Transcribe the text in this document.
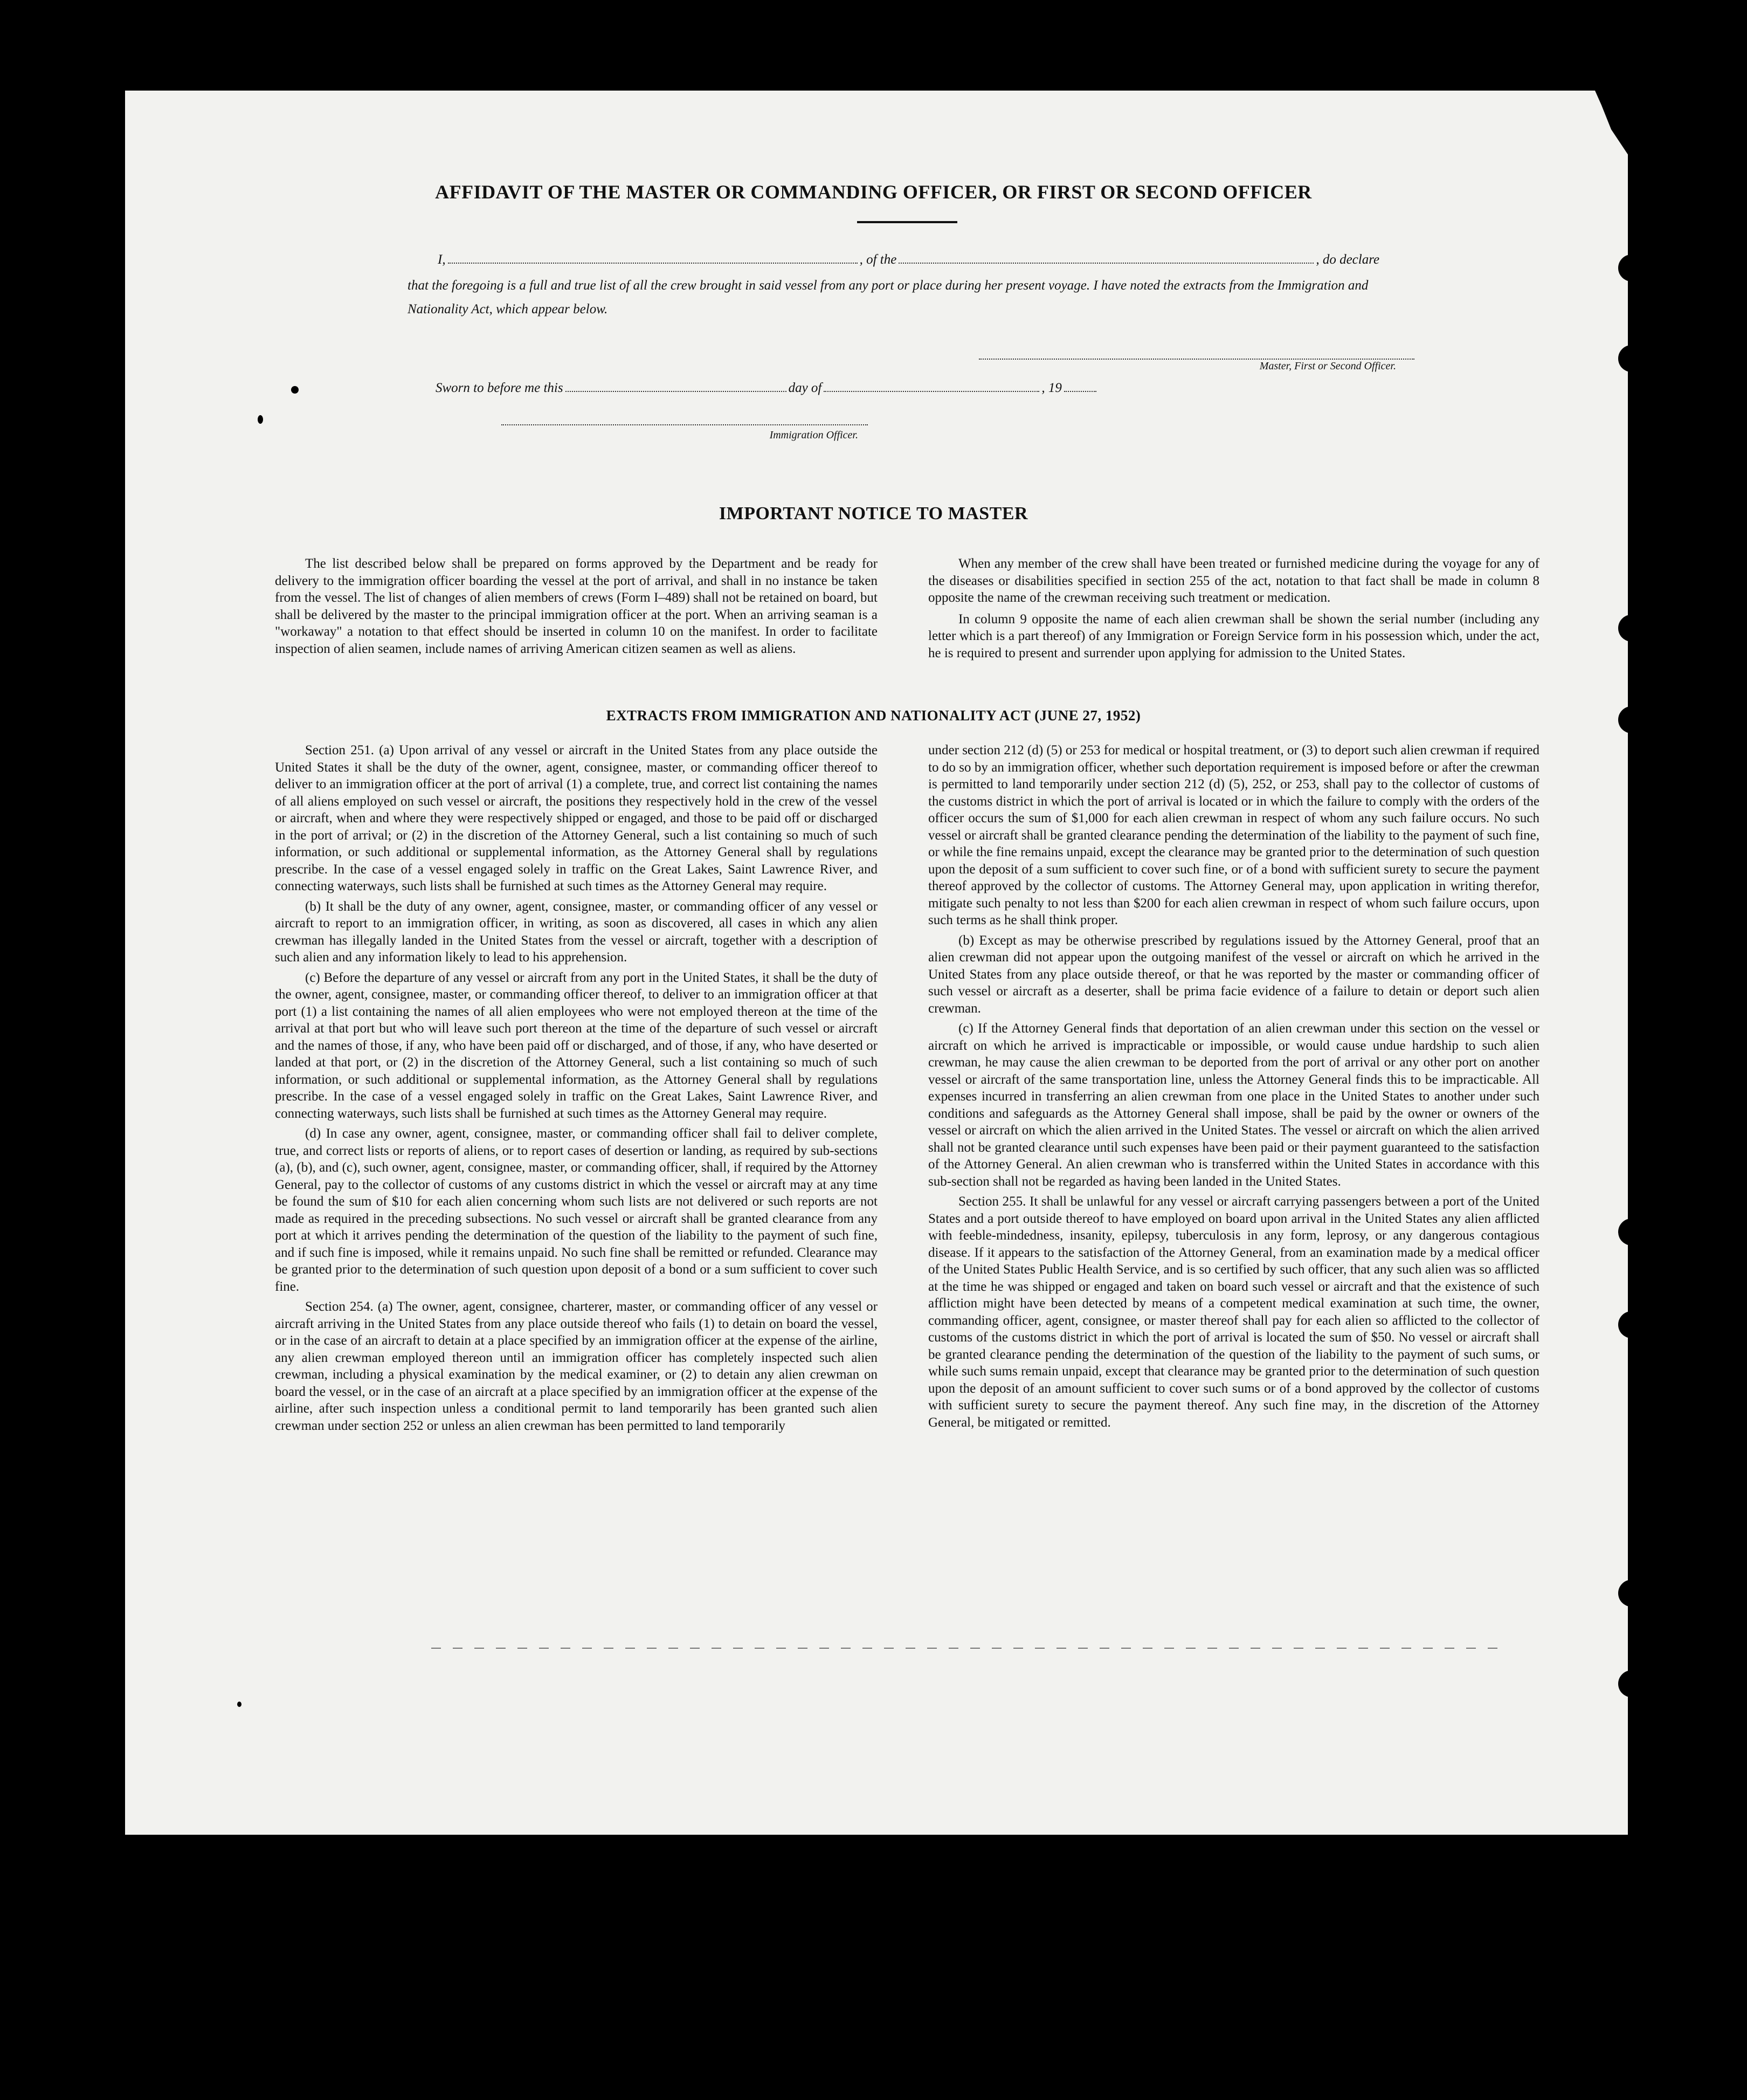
AFFIDAVIT OF THE MASTER OR COMMANDING OFFICER, OR FIRST OR SECOND OFFICER
I,	, of the	, do declare
that the foregoing is a full and true list of all the crew brought in said vessel from any port or place during her present voyage. I have noted the extracts from the Immigration and Nationality Act, which appear below.
Master, First or Second Officer.
Sworn to before me this	day of	, 19
Immigration Officer.
IMPORTANT NOTICE TO MASTER

The list described below shall be prepared on forms approved by the Department and be ready for delivery to the immigration officer boarding the vessel at the port of arrival, and shall in no instance be taken from the vessel. The list of changes of alien members of crews (Form I–489) shall not be retained on board, but shall be delivered by the master to the principal immigration officer at the port. When an arriving seaman is a "workaway" a notation to that effect should be inserted in column 10 on the manifest. In order to facilitate inspection of alien seamen, include names of arriving American citizen seamen as well as aliens.

When any member of the crew shall have been treated or furnished medicine during the voyage for any of the diseases or disabilities specified in section 255 of the act, notation to that fact shall be made in column 8 opposite the name of the crewman receiving such treatment or medication.

In column 9 opposite the name of each alien crewman shall be shown the serial number (including any letter which is a part thereof) of any Immigration or Foreign Service form in his possession which, under the act, he is required to present and surrender upon applying for admission to the United States.

EXTRACTS FROM IMMIGRATION AND NATIONALITY ACT (JUNE 27, 1952)

Section 251. (a) Upon arrival of any vessel or aircraft in the United States from any place outside the United States it shall be the duty of the owner, agent, consignee, master, or commanding officer thereof to deliver to an immigration officer at the port of arrival (1) a complete, true, and correct list containing the names of all aliens employed on such vessel or aircraft, the positions they respectively hold in the crew of the vessel or aircraft, when and where they were respectively shipped or engaged, and those to be paid off or discharged in the port of arrival; or (2) in the discretion of the Attorney General, such a list containing so much of such information, or such additional or supplemental information, as the Attorney General shall by regulations prescribe. In the case of a vessel engaged solely in traffic on the Great Lakes, Saint Lawrence River, and connecting waterways, such lists shall be furnished at such times as the Attorney General may require.

(b) It shall be the duty of any owner, agent, consignee, master, or commanding officer of any vessel or aircraft to report to an immigration officer, in writing, as soon as discovered, all cases in which any alien crewman has illegally landed in the United States from the vessel or aircraft, together with a description of such alien and any information likely to lead to his apprehension.

(c) Before the departure of any vessel or aircraft from any port in the United States, it shall be the duty of the owner, agent, consignee, master, or commanding officer thereof, to deliver to an immigration officer at that port (1) a list containing the names of all alien employees who were not employed thereon at the time of the arrival at that port but who will leave such port thereon at the time of the departure of such vessel or aircraft and the names of those, if any, who have been paid off or discharged, and of those, if any, who have deserted or landed at that port, or (2) in the discretion of the Attorney General, such a list containing so much of such information, or such additional or supplemental information, as the Attorney General shall by regulations prescribe. In the case of a vessel engaged solely in traffic on the Great Lakes, Saint Lawrence River, and connecting waterways, such lists shall be furnished at such times as the Attorney General may require.

(d) In case any owner, agent, consignee, master, or commanding officer shall fail to deliver complete, true, and correct lists or reports of aliens, or to report cases of desertion or landing, as required by sub-sections (a), (b), and (c), such owner, agent, consignee, master, or commanding officer, shall, if required by the Attorney General, pay to the collector of customs of any customs district in which the vessel or aircraft may at any time be found the sum of $10 for each alien concerning whom such lists are not delivered or such reports are not made as required in the preceding subsections. No such vessel or aircraft shall be granted clearance from any port at which it arrives pending the determination of the question of the liability to the payment of such fine, and if such fine is imposed, while it remains unpaid. No such fine shall be remitted or refunded. Clearance may be granted prior to the determination of such question upon deposit of a bond or a sum sufficient to cover such fine.

Section 254. (a) The owner, agent, consignee, charterer, master, or commanding officer of any vessel or aircraft arriving in the United States from any place outside thereof who fails (1) to detain on board the vessel, or in the case of an aircraft to detain at a place specified by an immigration officer at the expense of the airline, any alien crewman employed thereon until an immigration officer has completely inspected such alien crewman, including a physical examination by the medical examiner, or (2) to detain any alien crewman on board the vessel, or in the case of an aircraft at a place specified by an immigration officer at the expense of the airline, after such inspection unless a conditional permit to land temporarily has been granted such alien crewman under section 252 or unless an alien crewman has been permitted to land temporarily

under section 212 (d) (5) or 253 for medical or hospital treatment, or (3) to deport such alien crewman if required to do so by an immigration officer, whether such deportation requirement is imposed before or after the crewman is permitted to land temporarily under section 212 (d) (5), 252, or 253, shall pay to the collector of customs of the customs district in which the port of arrival is located or in which the failure to comply with the orders of the officer occurs the sum of $1,000 for each alien crewman in respect of whom any such failure occurs. No such vessel or aircraft shall be granted clearance pending the determination of the liability to the payment of such fine, or while the fine remains unpaid, except the clearance may be granted prior to the determination of such question upon the deposit of a sum sufficient to cover such fine, or of a bond with sufficient surety to secure the payment thereof approved by the collector of customs. The Attorney General may, upon application in writing therefor, mitigate such penalty to not less than $200 for each alien crewman in respect of whom such failure occurs, upon such terms as he shall think proper.

(b) Except as may be otherwise prescribed by regulations issued by the Attorney General, proof that an alien crewman did not appear upon the outgoing manifest of the vessel or aircraft on which he arrived in the United States from any place outside thereof, or that he was reported by the master or commanding officer of such vessel or aircraft as a deserter, shall be prima facie evidence of a failure to detain or deport such alien crewman.

(c) If the Attorney General finds that deportation of an alien crewman under this section on the vessel or aircraft on which he arrived is impracticable or impossible, or would cause undue hardship to such alien crewman, he may cause the alien crewman to be deported from the port of arrival or any other port on another vessel or aircraft of the same transportation line, unless the Attorney General finds this to be impracticable. All expenses incurred in transferring an alien crewman from one place in the United States to another under such conditions and safeguards as the Attorney General shall impose, shall be paid by the owner or owners of the vessel or aircraft on which the alien arrived in the United States. The vessel or aircraft on which the alien arrived shall not be granted clearance until such expenses have been paid or their payment guaranteed to the satisfaction of the Attorney General. An alien crewman who is transferred within the United States in accordance with this sub-section shall not be regarded as having been landed in the United States.

Section 255. It shall be unlawful for any vessel or aircraft carrying passengers between a port of the United States and a port outside thereof to have employed on board upon arrival in the United States any alien afflicted with feeble-mindedness, insanity, epilepsy, tuberculosis in any form, leprosy, or any dangerous contagious disease. If it appears to the satisfaction of the Attorney General, from an examination made by a medical officer of the United States Public Health Service, and is so certified by such officer, that any such alien was so afflicted at the time he was shipped or engaged and taken on board such vessel or aircraft and that the existence of such affliction might have been detected by means of a competent medical examination at such time, the owner, commanding officer, agent, consignee, or master thereof shall pay for each alien so afflicted to the collector of customs of the customs district in which the port of arrival is located the sum of $50. No vessel or aircraft shall be granted clearance pending the determination of the question of the liability to the payment of such sums, or while such sums remain unpaid, except that clearance may be granted prior to the determination of such question upon the deposit of an amount sufficient to cover such sums or of a bond approved by the collector of customs with sufficient surety to secure the payment thereof. Any such fine may, in the discretion of the Attorney General, be mitigated or remitted.
